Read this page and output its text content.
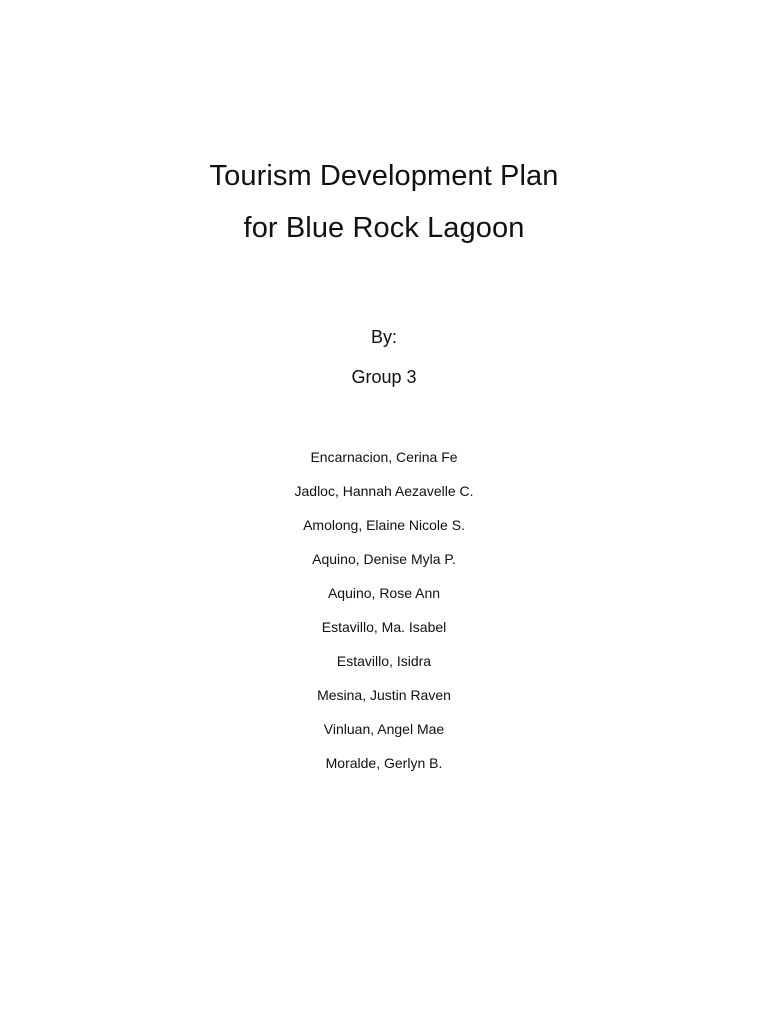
Tourism Development Plan
for Blue Rock Lagoon
By:
Group 3
Encarnacion, Cerina Fe
Jadloc, Hannah Aezavelle C.
Amolong, Elaine Nicole S.
Aquino, Denise Myla P.
Aquino, Rose Ann
Estavillo, Ma. Isabel
Estavillo, Isidra
Mesina, Justin Raven
Vinluan, Angel Mae
Moralde, Gerlyn B.
